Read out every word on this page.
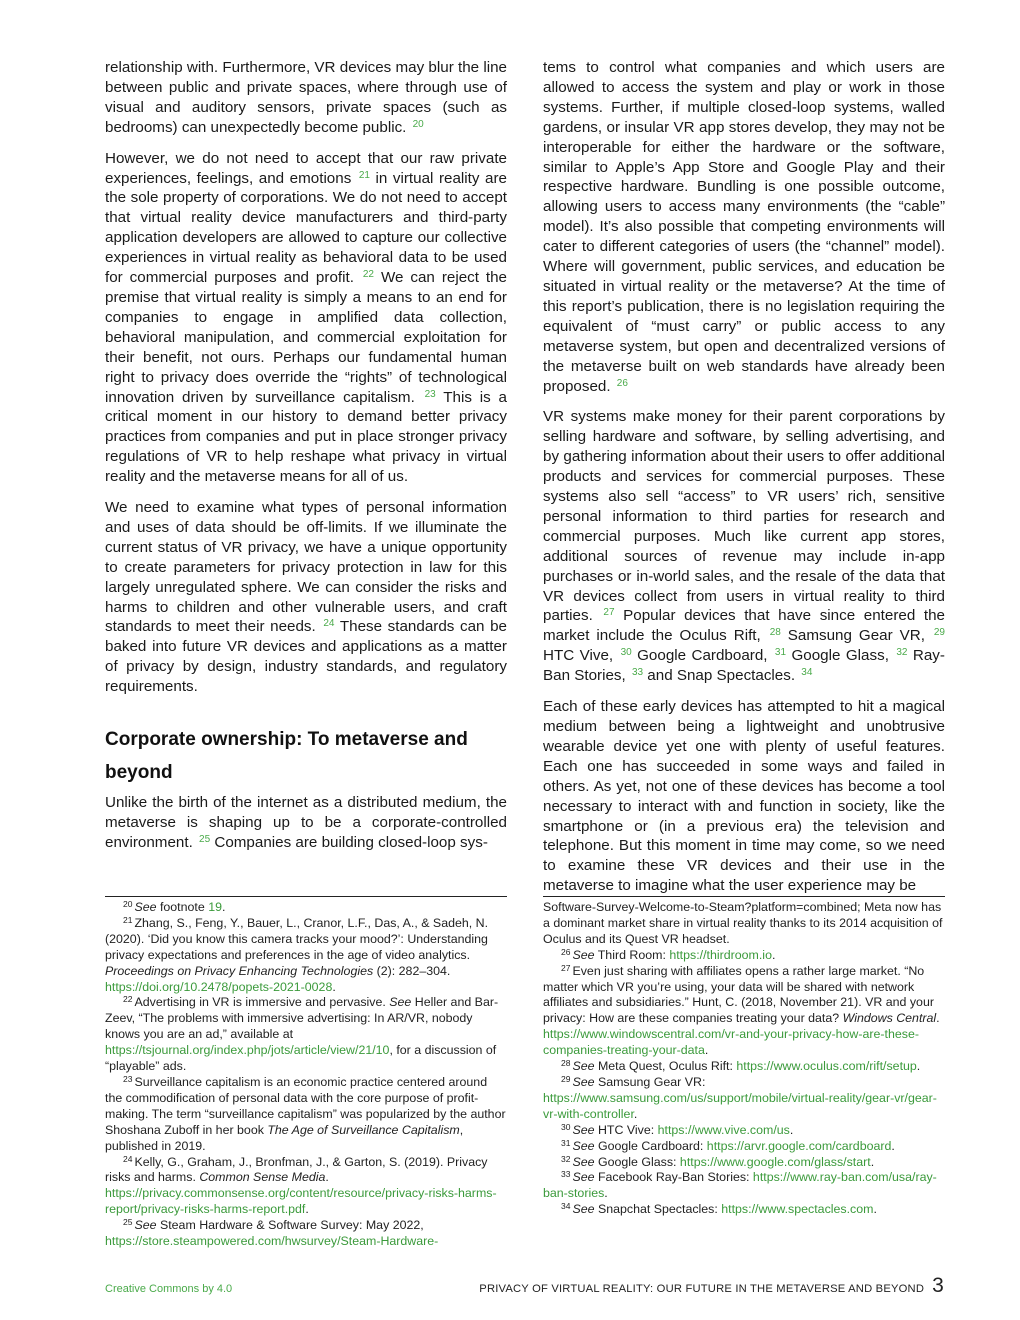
relationship with. Furthermore, VR devices may blur the line between public and private spaces, where through use of visual and auditory sensors, private spaces (such as bedrooms) can unexpectedly become public. $^{20}$

However, we do not need to accept that our raw private experiences, feelings, and emotions $^{21}$ in virtual reality are the sole property of corporations. We do not need to accept that virtual reality device manufacturers and third-party application developers are allowed to capture our collective experiences in virtual reality as behavioral data to be used for commercial purposes and profit. $^{22}$ We can reject the premise that virtual reality is simply a means to an end for companies to engage in amplified data collection, behavioral manipulation, and commercial exploitation for their benefit, not ours. Perhaps our fundamental human right to privacy does override the “rights” of technological innovation driven by surveillance capitalism. $^{23}$ This is a critical moment in our history to demand better privacy practices from companies and put in place stronger privacy regulations of VR to help reshape what privacy in virtual reality and the metaverse means for all of us.

We need to examine what types of personal information and uses of data should be off-limits. If we illuminate the current status of VR privacy, we have a unique opportunity to create parameters for privacy protection in law for this largely unregulated sphere. We can consider the risks and harms to children and other vulnerable users, and craft standards to meet their needs. $^{24}$ These standards can be baked into future VR devices and applications as a matter of privacy by design, industry standards, and regulatory requirements.

Corporate ownership: To metaverse and beyond

Unlike the birth of the internet as a distributed medium, the metaverse is shaping up to be a corporate-controlled environment. $^{25}$ Companies are building closed-loop sys-

$^{20}$ See footnote 19.

$^{21}$ Zhang, S., Feng, Y., Bauer, L., Cranor, L.F., Das, A., & Sadeh, N. (2020). ‘Did you know this camera tracks your mood?’: Understanding privacy expectations and preferences in the age of video analytics. Proceedings on Privacy Enhancing Technologies (2): 282–304. https://doi.org/10.2478/popets-2021-0028.

$^{22}$ Advertising in VR is immersive and pervasive. See Heller and Bar-Zeev, “The problems with immersive advertising: In AR/VR, nobody knows you are an ad,” available at https://tsjournal.org/index.php/jots/article/view/21/10, for a discussion of “playable” ads.

$^{23}$ Surveillance capitalism is an economic practice centered around the commodification of personal data with the core purpose of profit-making. The term “surveillance capitalism” was popularized by the author Shoshana Zuboff in her book The Age of Surveillance Capitalism, published in 2019.

$^{24}$ Kelly, G., Graham, J., Bronfman, J., & Garton, S. (2019). Privacy risks and harms. Common Sense Media. https://privacy.commonsense.org/content/resource/privacy-risks-harms-report/privacy-risks-harms-report.pdf.

$^{25}$ See Steam Hardware & Software Survey: May 2022, https://store.steampowered.com/hwsurvey/Steam-Hardware-

tems to control what companies and which users are allowed to access the system and play or work in those systems. Further, if multiple closed-loop systems, walled gardens, or insular VR app stores develop, they may not be interoperable for either the hardware or the software, similar to Apple’s App Store and Google Play and their respective hardware. Bundling is one possible outcome, allowing users to access many environments (the “cable” model). It’s also possible that competing environments will cater to different categories of users (the “channel” model). Where will government, public services, and education be situated in virtual reality or the metaverse? At the time of this report’s publication, there is no legislation requiring the equivalent of “must carry” or public access to any metaverse system, but open and decentralized versions of the metaverse built on web standards have already been proposed. $^{26}$

VR systems make money for their parent corporations by selling hardware and software, by selling advertising, and by gathering information about their users to offer additional products and services for commercial purposes. These systems also sell “access” to VR users’ rich, sensitive personal information to third parties for research and commercial purposes. Much like current app stores, additional sources of revenue may include in-app purchases or in-world sales, and the resale of the data that VR devices collect from users in virtual reality to third parties. $^{27}$ Popular devices that have since entered the market include the Oculus Rift, $^{28}$ Samsung Gear VR, $^{29}$ HTC Vive, $^{30}$ Google Cardboard, $^{31}$ Google Glass, $^{32}$ Ray-Ban Stories, $^{33}$ and Snap Spectacles. $^{34}$

Each of these early devices has attempted to hit a magical medium between being a lightweight and unobtrusive wearable device yet one with plenty of useful features. Each one has succeeded in some ways and failed in others. As yet, not one of these devices has become a tool necessary to interact with and function in society, like the smartphone or (in a previous era) the television and telephone. But this moment in time may come, so we need to examine these VR devices and their use in the metaverse to imagine what the user experience may be

Software-Survey-Welcome-to-Steam?platform=combined; Meta now has a dominant market share in virtual reality thanks to its 2014 acquisition of Oculus and its Quest VR headset.

$^{26}$ See Third Room: https://thirdroom.io.

$^{27}$ Even just sharing with affiliates opens a rather large market. “No matter which VR you’re using, your data will be shared with network affiliates and subsidiaries.” Hunt, C. (2018, November 21). VR and your privacy: How are these companies treating your data? Windows Central. https://www.windowscentral.com/vr-and-your-privacy-how-are-these-companies-treating-your-data.

$^{28}$ See Meta Quest, Oculus Rift: https://www.oculus.com/rift/setup.

$^{29}$ See Samsung Gear VR: https://www.samsung.com/us/support/mobile/virtual-reality/gear-vr/gear-vr-with-controller.

$^{30}$ See HTC Vive: https://www.vive.com/us.

$^{31}$ See Google Cardboard: https://arvr.google.com/cardboard.

$^{32}$ See Google Glass: https://www.google.com/glass/start.

$^{33}$ See Facebook Ray-Ban Stories: https://www.ray-ban.com/usa/ray-ban-stories.

$^{34}$ See Snapchat Spectacles: https://www.spectacles.com.

Creative Commons by 4.0	PRIVACY OF VIRTUAL REALITY: OUR FUTURE IN THE METAVERSE AND BEYOND 3
